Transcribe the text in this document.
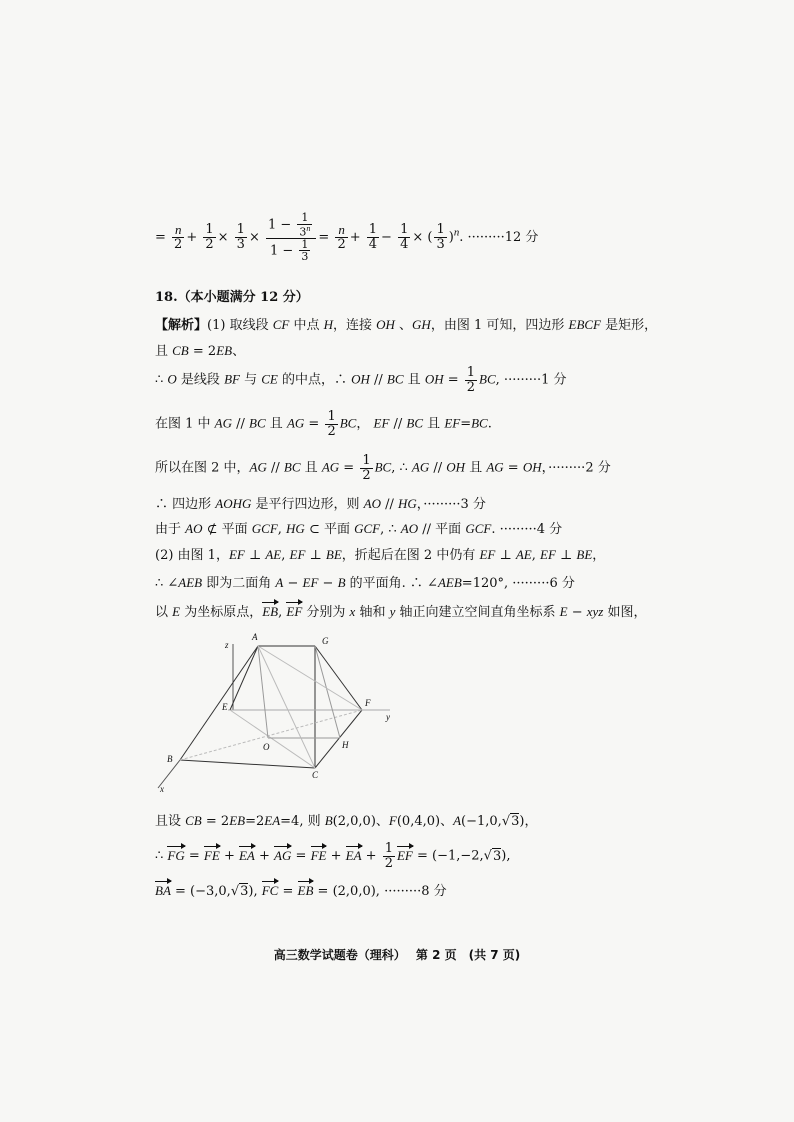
= $\frac{n}{2} + \frac{1}{2} \times \frac{1}{3} \times \frac{1 - \frac{1}{3^n}}{1 - \frac{1}{3}} = \frac{n}{2} + \frac{1}{4} - \frac{1}{4}$ × ( $\frac{1}{3} )^n$. ·········12 分
18.（本小题满分 12 分）
【解析】(1) 取线段 CF 中点 H，连接 OH 、GH，由图 1 可知，四边形 EBCF 是矩形，
且 CB = 2EB、
∴ O 是线段 BF 与 CE 的中点，∴ OH // BC 且 OH = $\frac{1}{2}$ BC, ·········1 分
在图 1 中 AG // BC 且 AG = $\frac{1}{2}$ BC， EF // BC 且 EF=BC.
所以在图 2 中，AG // BC 且 AG = $\frac{1}{2}$ BC, ∴ AG // OH 且 AG = OH，·········2 分
∴ 四边形 AOHG 是平行四边形，则 AO // HG，·········3 分
由于 AO ⊄ 平面 GCF, HG ⊂ 平面 GCF, ∴ AO // 平面 GCF. ·········4 分
(2) 由图 1，EF ⊥ AE, EF ⊥ BE，折起后在图 2 中仍有 EF ⊥ AE, EF ⊥ BE，
∴ ∠AEB 即为二面角 A − EF − B 的平面角. ∴ ∠AEB=120°, ·········6 分
以 E 为坐标原点，EB, EF 分别为 x 轴和 y 轴正向建立空间直角坐标系 E − xyz 如图，
z
A	G
E	F
y
O	H
B
C
x
且设 CB = 2EB=2EA=4, 则 B(2,0,0)、F(0,4,0)、A(−1,0,√3)，
∴ FG = FE + EA + AG = FE + EA + $\frac{1}{2}$ EF = (−1,−2,√3),
BA = (−3,0,√3), FC = EB = (2,0,0), ·········8 分
高三数学试题卷（理科）　 第 2 页　(共 7 页)
